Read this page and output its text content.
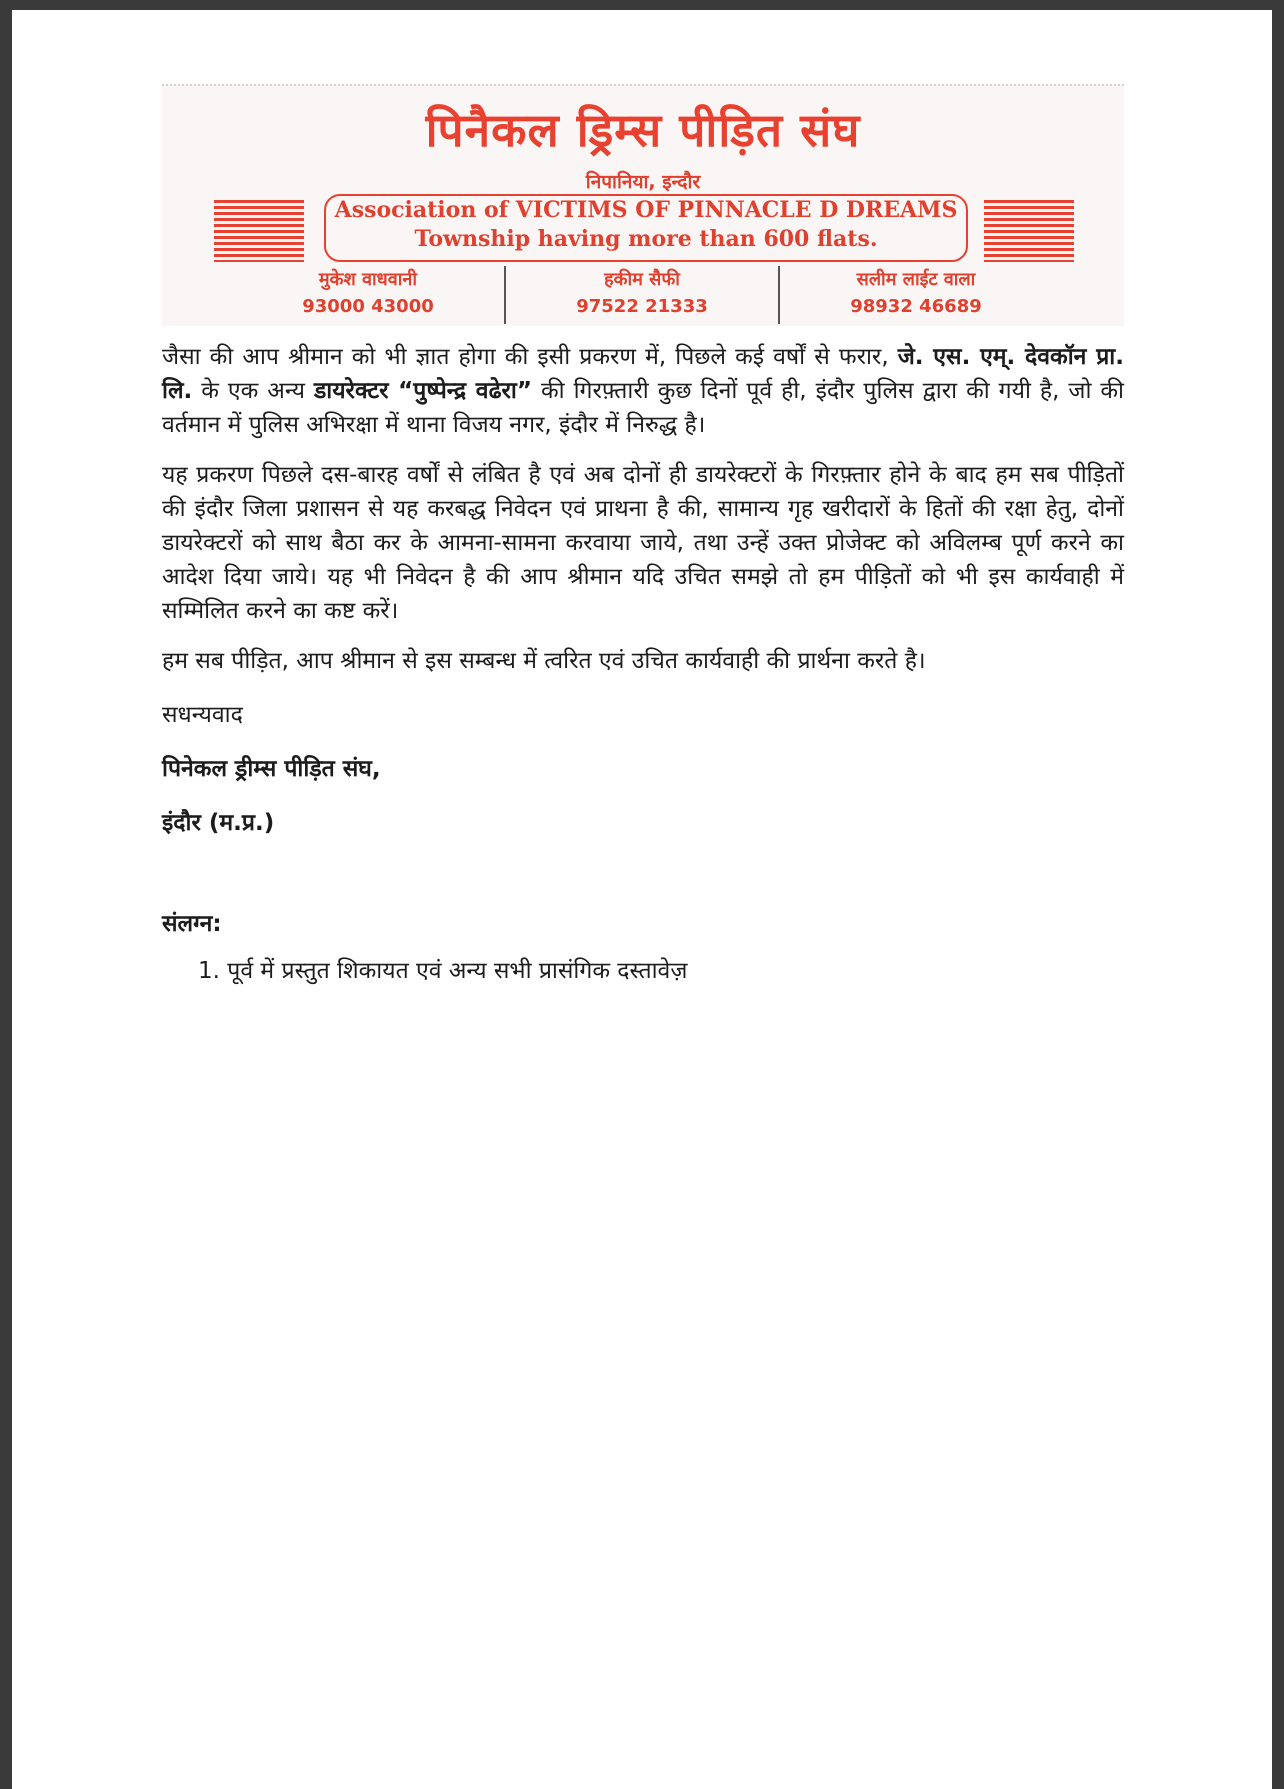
पिनैकल ड्रिम्स पीड़ित संघ
निपानिया, इन्दौर
Association of VICTIMS OF PINNACLE D DREAMS
Township having more than 600 flats.
मुकेश वाधवानी
93000 43000
हकीम सैफी
97522 21333
सलीम लाईट वाला
98932 46689

जैसा की आप श्रीमान को भी ज्ञात होगा की इसी प्रकरण में, पिछले कई वर्षों से फरार, जे. एस. एम्. देवकॉन प्रा. लि. के एक अन्य डायरेक्टर “पुष्पेन्द्र वढेरा” की गिरफ़्तारी कुछ दिनों पूर्व ही, इंदौर पुलिस द्वारा की गयी है, जो की वर्तमान में पुलिस अभिरक्षा में थाना विजय नगर, इंदौर में निरुद्ध है।

यह प्रकरण पिछले दस-बारह वर्षों से लंबित है एवं अब दोनों ही डायरेक्टरों के गिरफ़्तार होने के बाद हम सब पीड़ितों की इंदौर जिला प्रशासन से यह करबद्ध निवेदन एवं प्राथना है की, सामान्य गृह खरीदारों के हितों की रक्षा हेतु, दोनों डायरेक्टरों को साथ बैठा कर के आमना-सामना करवाया जाये, तथा उन्हें उक्त प्रोजेक्ट को अविलम्ब पूर्ण करने का आदेश दिया जाये। यह भी निवेदन है की आप श्रीमान यदि उचित समझे तो हम पीड़ितों को भी इस कार्यवाही में सम्मिलित करने का कष्ट करें।

हम सब पीड़ित, आप श्रीमान से इस सम्बन्ध में त्वरित एवं उचित कार्यवाही की प्रार्थना करते है।

सधन्यवाद

पिनेकल ड्रीम्स पीड़ित संघ,

इंदौर (म.प्र.)

संलग्न:
1. पूर्व में प्रस्तुत शिकायत एवं अन्य सभी प्रासंगिक दस्तावेज़
